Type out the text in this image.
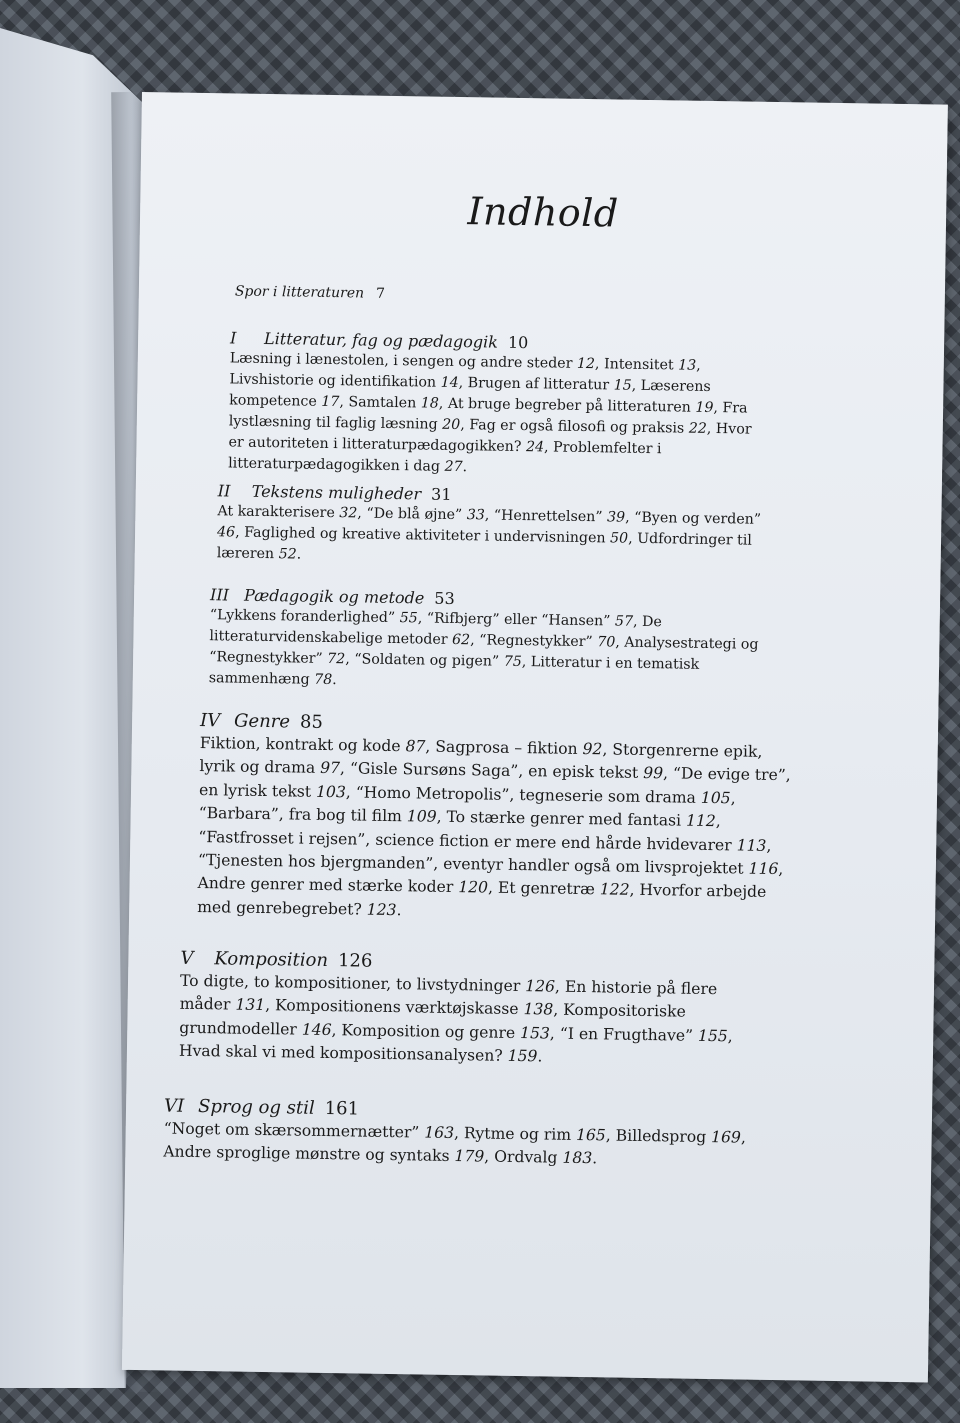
Indhold
Spor i litteraturen 7
I Litteratur, fag og pædagogik 10
Læsning i lænestolen, i sengen og andre steder 12, Intensitet 13, Livshistorie og identifikation 14, Brugen af litteratur 15, Læserens kompetence 17, Samtalen 18, At bruge begreber på litteraturen 19, Fra lystlæsning til faglig læsning 20, Fag er også filosofi og praksis 22, Hvor er autoriteten i litteraturpædagogikken? 24, Problemfelter i litteraturpædagogikken i dag 27.
II Tekstens muligheder 31
At karakterisere 32, “De blå øjne” 33, “Henrettelsen” 39, “Byen og verden” 46, Faglighed og kreative aktiviteter i undervisningen 50, Udfordringer til læreren 52.
III Pædagogik og metode 53
“Lykkens foranderlighed” 55, “Rifbjerg” eller “Hansen” 57, De litteraturvidenskabelige metoder 62, “Regnestykker” 70, Analysestrategi og “Regnestykker” 72, “Soldaten og pigen” 75, Litteratur i en tematisk sammenhæng 78.
IV Genre 85
Fiktion, kontrakt og kode 87, Sagprosa – fiktion 92, Storgenrerne epik, lyrik og drama 97, “Gisle Sursøns Saga”, en episk tekst 99, “De evige tre”, en lyrisk tekst 103, “Homo Metropolis”, tegneserie som drama 105, “Barbara”, fra bog til film 109, To stærke genrer med fantasi 112, “Fastfrosset i rejsen”, science fiction er mere end hårde hvidevarer 113, “Tjenesten hos bjergmanden”, eventyr handler også om livsprojektet 116, Andre genrer med stærke koder 120, Et genretræ 122, Hvorfor arbejde med genrebegrebet? 123.
V Komposition 126
To digte, to kompositioner, to livstydninger 126, En historie på flere måder 131, Kompositionens værktøjskasse 138, Kompositoriske grundmodeller 146, Komposition og genre 153, “I en Frugthave” 155, Hvad skal vi med kompositionsanalysen? 159.
VI Sprog og stil 161
“Noget om skærsommernætter” 163, Rytme og rim 165, Billedsprog 169, Andre sproglige mønstre og syntaks 179, Ordvalg 183.
